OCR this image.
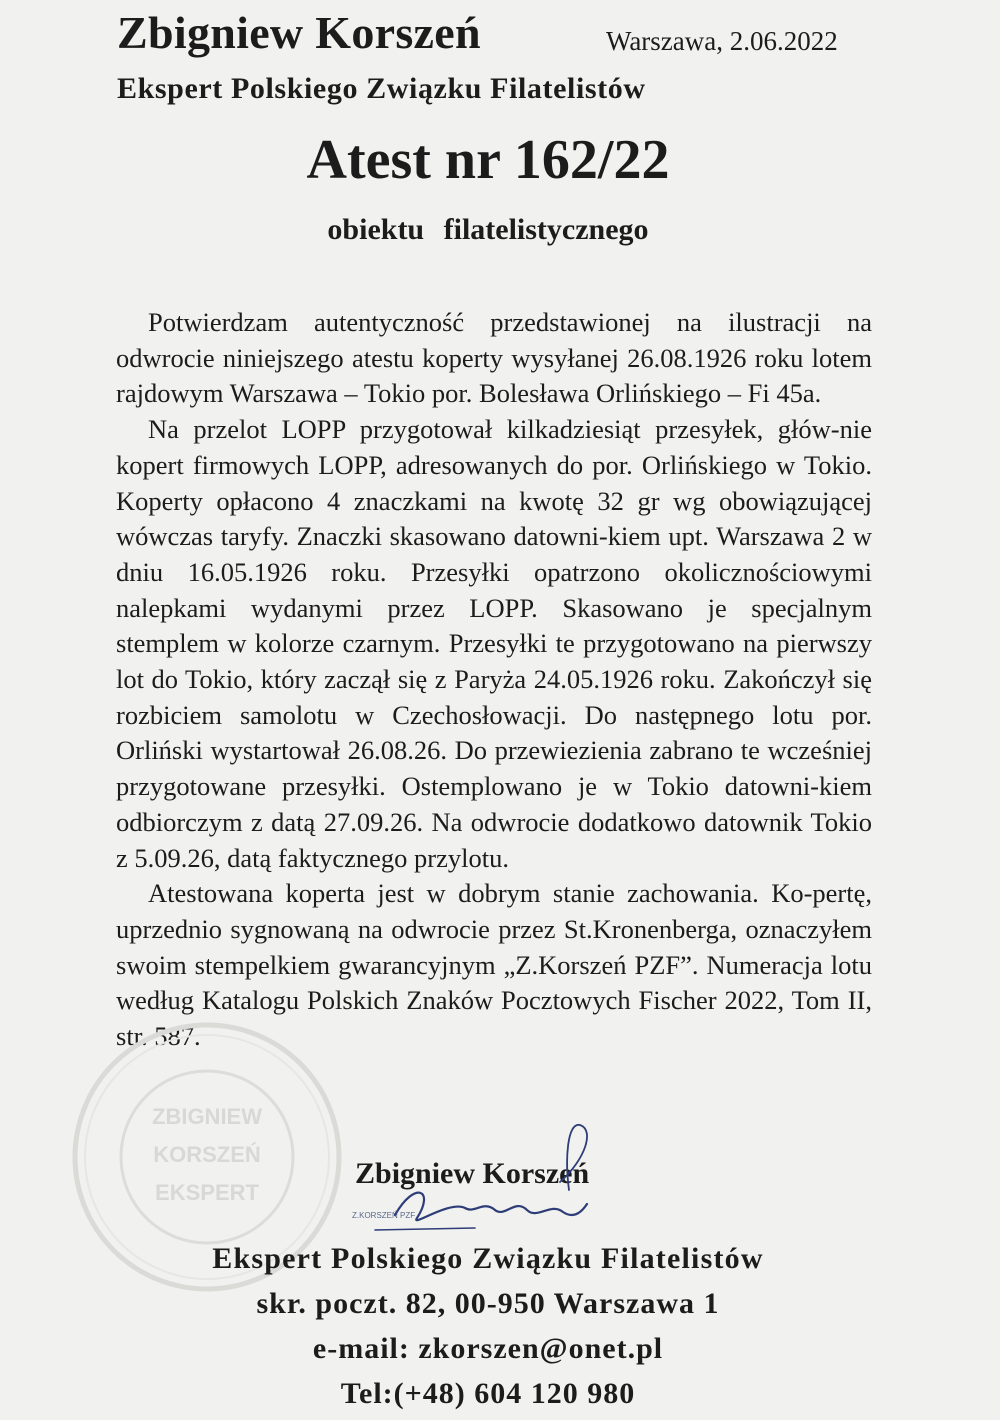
Zbigniew Korszeń	Warszawa, 2.06.2022
Ekspert Polskiego Związku Filatelistów
Atest nr 162/22
obiektu filatelistycznego

Potwierdzam autentyczność przedstawionej na ilustracji na odwrocie niniejszego atestu koperty wysyłanej 26.08.1926 roku lotem rajdowym Warszawa – Tokio por. Bolesława Orlińskiego – Fi 45a.

Na przelot LOPP przygotował kilkadziesiąt przesyłek, głów-nie kopert firmowych LOPP, adresowanych do por. Orlińskiego w Tokio. Koperty opłacono 4 znaczkami na kwotę 32 gr wg obowiązującej wówczas taryfy. Znaczki skasowano datowni-kiem upt. Warszawa 2 w dniu 16.05.1926 roku. Przesyłki opatrzono okolicznościowymi nalepkami wydanymi przez LOPP. Skasowano je specjalnym stemplem w kolorze czarnym. Przesyłki te przygotowano na pierwszy lot do Tokio, który zaczął się z Paryża 24.05.1926 roku. Zakończył się rozbiciem samolotu w Czechosłowacji. Do następnego lotu por. Orliński wystartował 26.08.26. Do przewiezienia zabrano te wcześniej przygotowane przesyłki. Ostemplowano je w Tokio datowni-kiem odbiorczym z datą 27.09.26. Na odwrocie dodatkowo datownik Tokio z 5.09.26, datą faktycznego przylotu.

Atestowana koperta jest w dobrym stanie zachowania. Ko-pertę, uprzednio sygnowaną na odwrocie przez St.Kronenberga, oznaczyłem swoim stempelkiem gwarancyjnym „Z.Korszeń PZF”. Numeracja lotu według Katalogu Polskich Znaków Pocztowych Fischer 2022, Tom II, str. 587.

ZBIGNIEW
KORSZEŃ
EKSPERT
Zbigniew Korszeń
Z.KORSZEŃ PZF
Ekspert Polskiego Związku Filatelistów
skr. poczt. 82, 00-950 Warszawa 1
e-mail: zkorszen@onet.pl
Tel:(+48) 604 120 980
